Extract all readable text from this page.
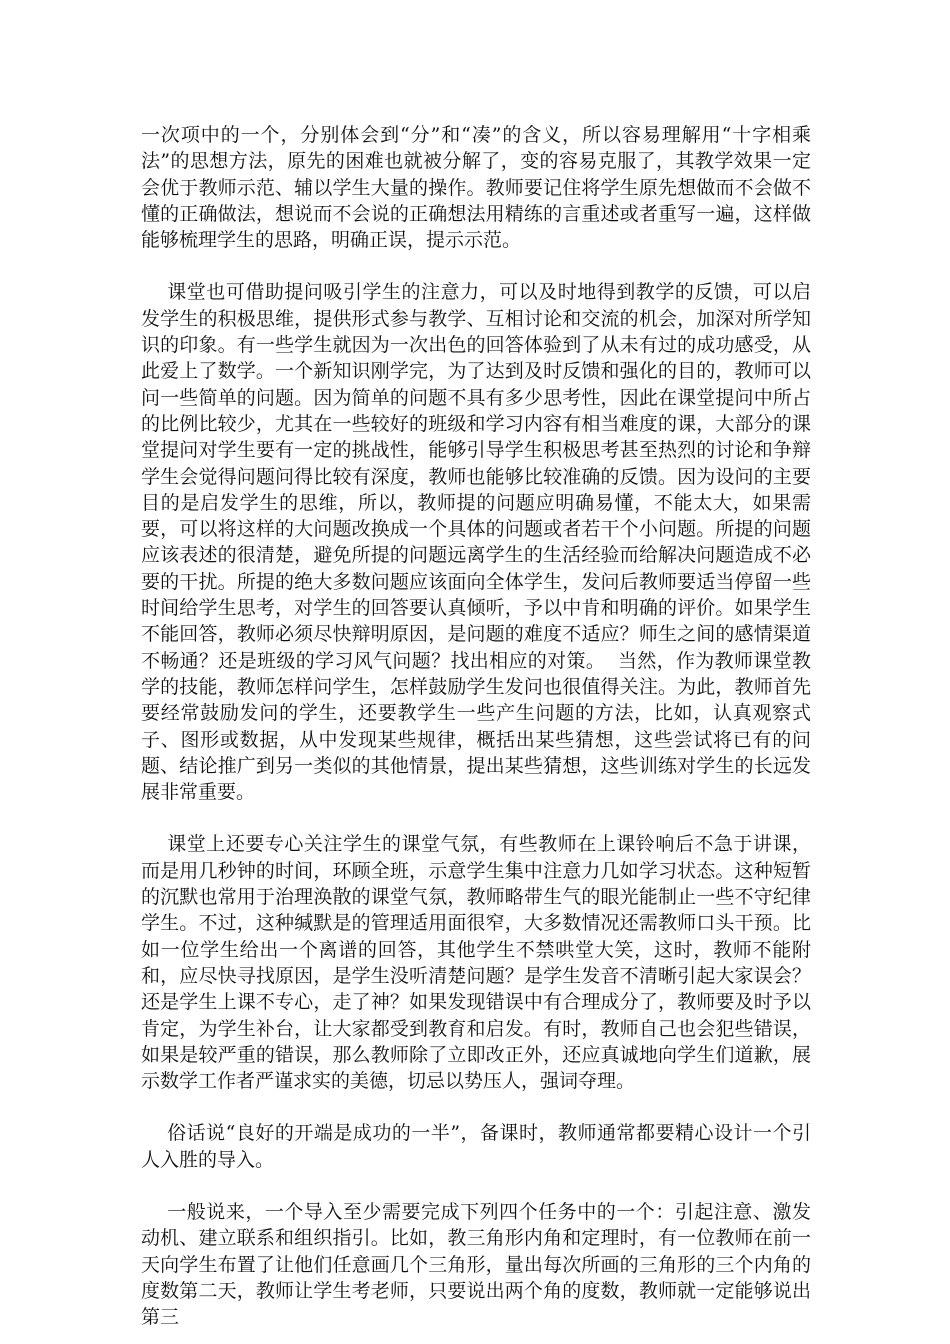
一次项中的一个，分别体会到“分”和“凑”的含义，所以容易理解用“十字相乘法”的思想方法，原先的困难也就被分解了，变的容易克服了，其教学效果一定会优于教师示范、辅以学生大量的操作。教师要记住将学生原先想做而不会做不懂的正确做法，想说而不会说的正确想法用精练的言重述或者重写一遍，这样做能够梳理学生的思路，明确正误，提示示范。

课堂也可借助提问吸引学生的注意力，可以及时地得到教学的反馈，可以启发学生的积极思维，提供形式参与教学、互相讨论和交流的机会，加深对所学知识的印象。有一些学生就因为一次出色的回答体验到了从未有过的成功感受，从此爱上了数学。一个新知识刚学完，为了达到及时反馈和强化的目的，教师可以问一些简单的问题。因为简单的问题不具有多少思考性，因此在课堂提问中所占的比例比较少，尤其在一些较好的班级和学习内容有相当难度的课，大部分的课堂提问对学生要有一定的挑战性，能够引导学生积极思考甚至热烈的讨论和争辩学生会觉得问题问得比较有深度，教师也能够比较准确的反馈。因为设问的主要目的是启发学生的思维，所以，教师提的问题应明确易懂，不能太大，如果需要，可以将这样的大问题改换成一个具体的问题或者若干个小问题。所提的问题应该表述的很清楚，避免所提的问题远离学生的生活经验而给解决问题造成不必要的干扰。所提的绝大多数问题应该面向全体学生，发问后教师要适当停留一些时间给学生思考，对学生的回答要认真倾听，予以中肯和明确的评价。如果学生不能回答，教师必须尽快辩明原因，是问题的难度不适应？师生之间的感情渠道不畅通？还是班级的学习风气问题？找出相应的对策。  当然，作为教师课堂教学的技能，教师怎样问学生，怎样鼓励学生发问也很值得关注。为此，教师首先要经常鼓励发问的学生，还要教学生一些产生问题的方法，比如，认真观察式子、图形或数据，从中发现某些规律，概括出某些猜想，这些尝试将已有的问题、结论推广到另一类似的其他情景，提出某些猜想，这些训练对学生的长远发展非常重要。

课堂上还要专心关注学生的课堂气氛，有些教师在上课铃响后不急于讲课，而是用几秒钟的时间，环顾全班，示意学生集中注意力几如学习状态。这种短暂的沉默也常用于治理涣散的课堂气氛，教师略带生气的眼光能制止一些不守纪律学生。不过，这种缄默是的管理适用面很窄，大多数情况还需教师口头干预。比如一位学生给出一个离谱的回答，其他学生不禁哄堂大笑，这时，教师不能附和，应尽快寻找原因，是学生没听清楚问题？是学生发音不清晰引起大家误会？还是学生上课不专心，走了神？如果发现错误中有合理成分了，教师要及时予以肯定，为学生补台，让大家都受到教育和启发。有时，教师自己也会犯些错误，如果是较严重的错误，那么教师除了立即改正外，还应真诚地向学生们道歉，展示数学工作者严谨求实的美德，切忌以势压人，强词夺理。

俗话说“良好的开端是成功的一半”，备课时，教师通常都要精心设计一个引人入胜的导入。

一般说来，一个导入至少需要完成下列四个任务中的一个：引起注意、激发动机、建立联系和组织指引。比如，教三角形内角和定理时，有一位教师在前一天向学生布置了让他们任意画几个三角形，量出每次所画的三角形的三个内角的度数第二天，教师让学生考老师，只要说出两个角的度数，教师就一定能够说出第三
